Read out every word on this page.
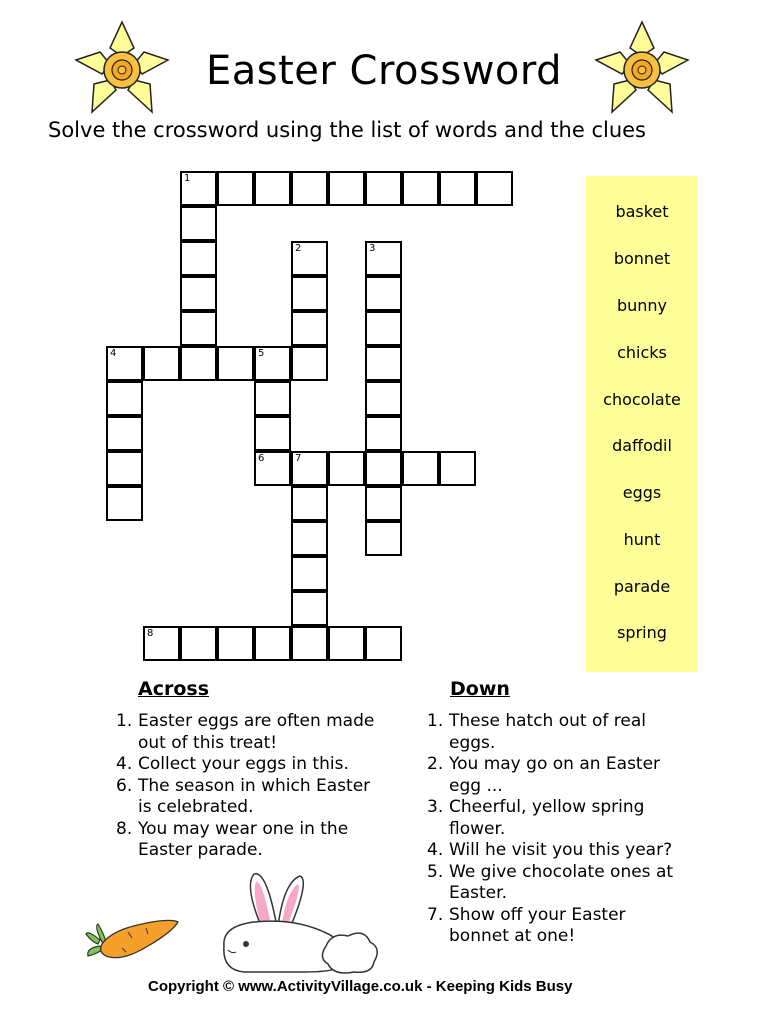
Easter Crossword
Solve the crossword using the list of words and the clues
1
2	3
4	5
6	7
8
basket
bonnet
bunny
chicks
chocolate
daffodil
eggs
hunt
parade
spring
Across
1. Easter eggs are often made out of this treat!
4. Collect your eggs in this.
6. The season in which Easter is celebrated.
8. You may wear one in the Easter parade.
Down
1. These hatch out of real eggs.
2. You may go on an Easter egg ...
3. Cheerful, yellow spring flower.
4. Will he visit you this year?
5. We give chocolate ones at Easter.
7. Show off your Easter bonnet at one!
Copyright © www.ActivityVillage.co.uk - Keeping Kids Busy
